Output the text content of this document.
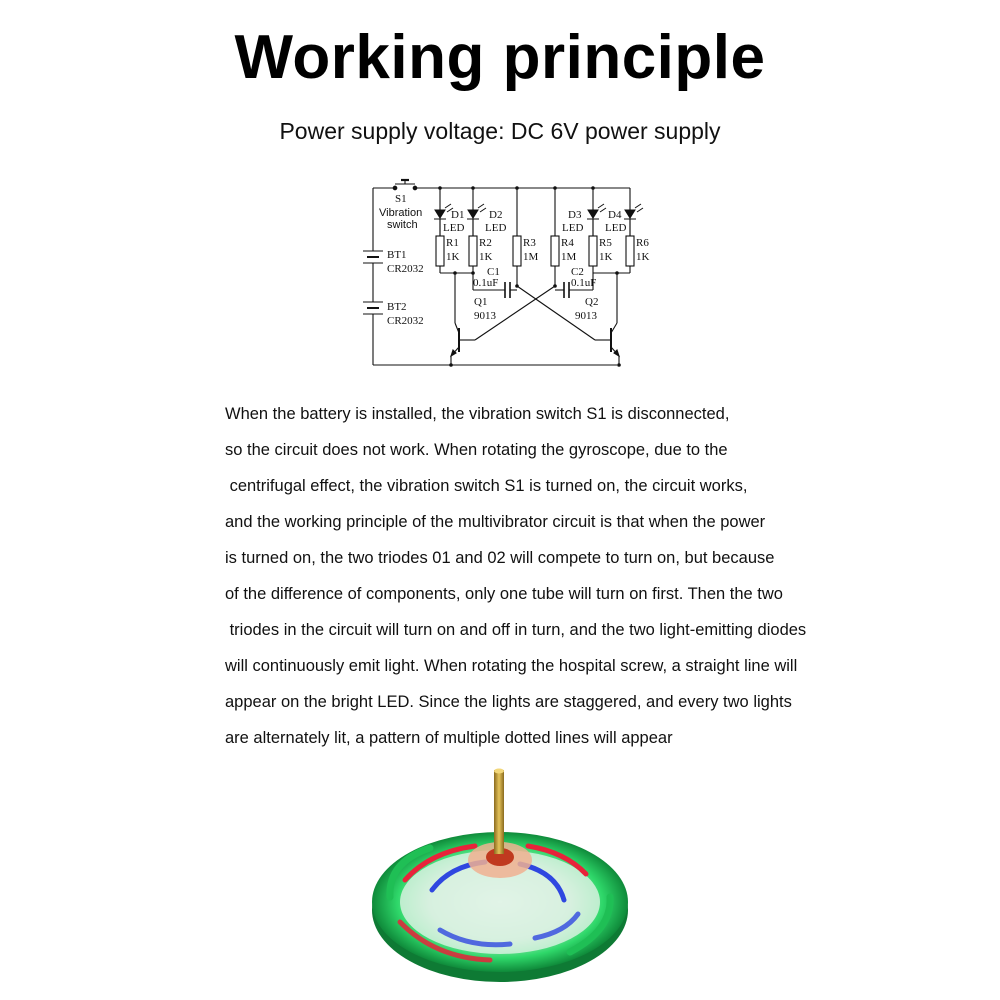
Working principle
Power supply voltage: DC 6V power supply
S1
Vibration
switch
D1
LED
D2
LED
D3
LED
D4
LED
R1
1K
R2
1K
R3
1M
R4
1M
R5
1K
R6
1K
C1
0.1uF
C2
0.1uF
Q1
9013
Q2
9013
BT1
CR2032
BT2
CR2032
When the battery is installed, the vibration switch S1 is disconnected,
so the circuit does not work. When rotating the gyroscope, due to the
centrifugal effect, the vibration switch S1 is turned on, the circuit works,
and the working principle of the multivibrator circuit is that when the power
is turned on, the two triodes 01 and 02 will compete to turn on, but because
of the difference of components, only one tube will turn on first. Then the two
triodes in the circuit will turn on and off in turn, and the two light-emitting diodes
will continuously emit light. When rotating the hospital screw, a straight line will
appear on the bright LED. Since the lights are staggered, and every two lights
are alternately lit, a pattern of multiple dotted lines will appear
